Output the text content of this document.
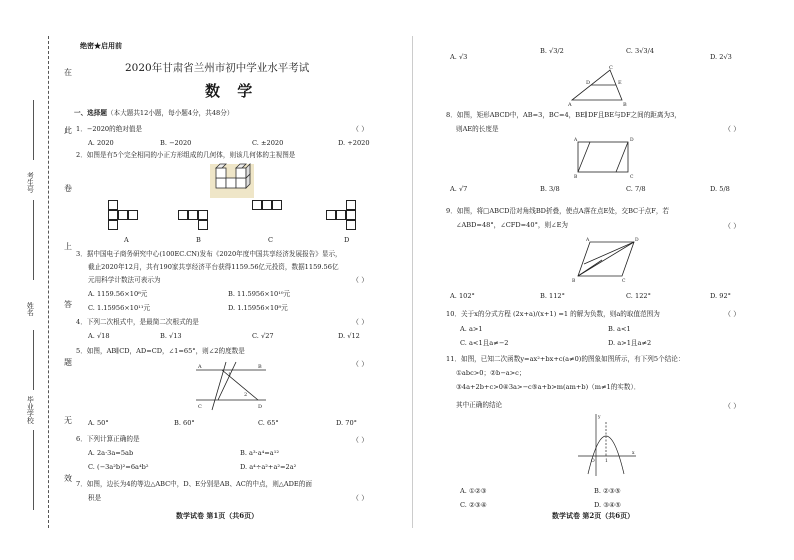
在
此
卷
上
答
题
无
效
考生号
姓名
毕业学校
绝密★启用前
2020年甘肃省兰州市初中学业水平考试
数 学
一、选择题（本大题共12小题，每小题4分，共48分）
1．−2020的绝对值是	（ ）
A. 2020	B. −2020	C. ±2020	D. +2020
2．如图是有5个完全相同的小正方形组成的几何体，则该几何体的主视图是
A	B	C	D
3．据中国电子商务研究中心(100EC.CN)发布《2020年度中国共享经济发展报告》显示，
截止2020年12月，共有190家共享经济平台获得1159.56亿元投资，数据1159.56亿
元用科学计数法可表示为	（ ）
A. 1159.56×10⁸元	B. 11.5956×10¹⁰元
C. 1.15956×10¹¹元	D. 1.15956×10⁸元
4．下列二次根式中，是最简二次根式的是	（ ）
A. √18	B. √13	C. √27	D. √12
5．如图，AB∥CD，AD=CD，∠1=65°，则∠2的度数是
（ ）
A	B
C	D
1
2
A. 50°	B. 60°	C. 65°	D. 70°
6．下列计算正确的是	（ ）
A. 2a·3a=5ab	B. a³·a⁴=a¹²
C. (−3a²b)²=6a⁴b²	D. a⁴÷a²+a²=2a²
7．如图，边长为4的等边△ABC中，D、E分别是AB、AC的中点，则△ADE的面
积是	（ ）
数学试卷 第1页（共6页）
A. √3
B. √3/2	C. 3√3/4
D. 2√3
A	B
C
D	E
8．如图，矩形ABCD中，AB=3，BC=4，BE∥DF且BE与DF之间的距离为3，
则AE的长度是	（ ）
A	D
B	C
A. √7	B. 3/8	C. 7/8	D. 5/8
9．如图，将□ABCD沿对角线BD折叠，使点A落在点E处，交BC于点F，若
∠ABD=48°，∠CFD=40°，则∠E为	（ ）
A	D
B	C
A. 102°	B. 112°	C. 122°	D. 92°
10．关于x的分式方程 (2x+a)/(x+1) =1 的解为负数，则a的取值范围为	（ ）
A. a>1	B. a<1
C. a<1且a≠−2	D. a>1且a≠2
11．如图，已知二次函数y=ax²+bx+c(a≠0)的图象如图所示，有下列5个结论：
①abc>0；②b−a>c；
③4a+2b+c>0④3a>−c⑤a+b>m(am+b)（m≠1的实数）．
其中正确的结论	（ ）
y
x
O 1
A. ①②③	B. ②③⑤
C. ②③④	D. ③④⑤
数学试卷 第2页（共6页）
